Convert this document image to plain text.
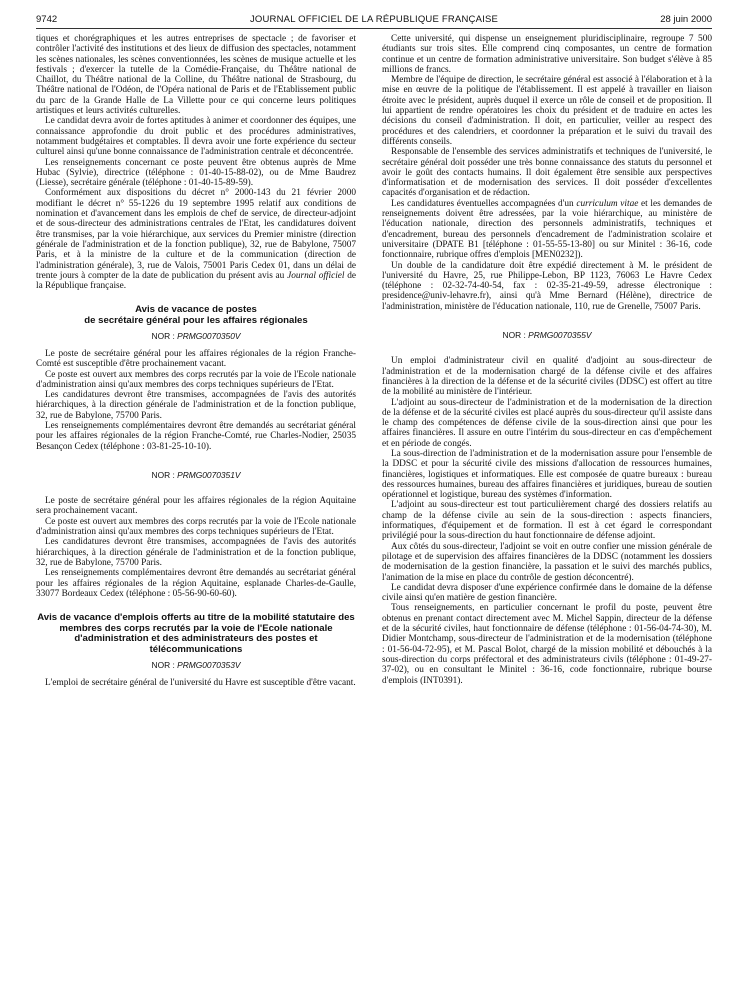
9742	JOURNAL OFFICIEL DE LA RÉPUBLIQUE FRANÇAISE	28 juin 2000

tiques et chorégraphiques et les autres entreprises de spectacle ; de favoriser et contrôler l'activité des institutions et des lieux de diffusion des spectacles, notamment les scènes nationales, les scènes conventionnées, les scènes de musique actuelle et les festivals ; d'exercer la tutelle de la Comédie-Française, du Théâtre national de Chaillot, du Théâtre national de la Colline, du Théâtre national de Strasbourg, du Théâtre national de l'Odéon, de l'Opéra national de Paris et de l'Etablissement public du parc de la Grande Halle de La Villette pour ce qui concerne leurs politiques artistiques et leurs activités culturelles.

Le candidat devra avoir de fortes aptitudes à animer et coordonner des équipes, une connaissance approfondie du droit public et des procédures administratives, notamment budgétaires et comptables. Il devra avoir une forte expérience du secteur culturel ainsi qu'une bonne connaissance de l'administration centrale et déconcentrée.

Les renseignements concernant ce poste peuvent être obtenus auprès de Mme Hubac (Sylvie), directrice (téléphone : 01-40-15-88-02), ou de Mme Baudrez (Liesse), secrétaire générale (téléphone : 01-40-15-89-59).

Conformément aux dispositions du décret n° 2000-143 du 21 février 2000 modifiant le décret n° 55-1226 du 19 septembre 1995 relatif aux conditions de nomination et d'avancement dans les emplois de chef de service, de directeur-adjoint et de sous-directeur des administrations centrales de l'Etat, les candidatures doivent être transmises, par la voie hiérarchique, aux services du Premier ministre (direction générale de l'administration et de la fonction publique), 32, rue de Babylone, 75007 Paris, et à la ministre de la culture et de la communication (direction de l'administration générale), 3, rue de Valois, 75001 Paris Cedex 01, dans un délai de trente jours à compter de la date de publication du présent avis au Journal officiel de la République française.

Avis de vacance de postes
de secrétaire général pour les affaires régionales
NOR : PRMG0070350V

Le poste de secrétaire général pour les affaires régionales de la région Franche-Comté est susceptible d'être prochainement vacant.

Ce poste est ouvert aux membres des corps recrutés par la voie de l'Ecole nationale d'administration ainsi qu'aux membres des corps techniques supérieurs de l'Etat.

Les candidatures devront être transmises, accompagnées de l'avis des autorités hiérarchiques, à la direction générale de l'administration et de la fonction publique, 32, rue de Babylone, 75700 Paris.

Les renseignements complémentaires devront être demandés au secrétariat général pour les affaires régionales de la région Franche-Comté, rue Charles-Nodier, 25035 Besançon Cedex (téléphone : 03-81-25-10-10).

NOR : PRMG0070351V

Le poste de secrétaire général pour les affaires régionales de la région Aquitaine sera prochainement vacant.

Ce poste est ouvert aux membres des corps recrutés par la voie de l'Ecole nationale d'administration ainsi qu'aux membres des corps techniques supérieurs de l'Etat.

Les candidatures devront être transmises, accompagnées de l'avis des autorités hiérarchiques, à la direction générale de l'administration et de la fonction publique, 32, rue de Babylone, 75700 Paris.

Les renseignements complémentaires devront être demandés au secrétariat général pour les affaires régionales de la région Aquitaine, esplanade Charles-de-Gaulle, 33077 Bordeaux Cedex (téléphone : 05-56-90-60-60).

Avis de vacance d'emplois offerts au titre de la mobilité statutaire des membres des corps recrutés par la voie de l'Ecole nationale d'administration et des administrateurs des postes et télécommunications
NOR : PRMG0070353V

L'emploi de secrétaire général de l'université du Havre est susceptible d'être vacant.

Cette université, qui dispense un enseignement pluridisciplinaire, regroupe 7 500 étudiants sur trois sites. Elle comprend cinq composantes, un centre de formation continue et un centre de formation administrative universitaire. Son budget s'élève à 85 millions de francs.

Membre de l'équipe de direction, le secrétaire général est associé à l'élaboration et à la mise en œuvre de la politique de l'établissement. Il est appelé à travailler en liaison étroite avec le président, auprès duquel il exerce un rôle de conseil et de proposition. Il lui appartient de rendre opératoires les choix du président et de traduire en actes les décisions du conseil d'administration. Il doit, en particulier, veiller au respect des procédures et des calendriers, et coordonner la préparation et le suivi du travail des différents conseils.

Responsable de l'ensemble des services administratifs et techniques de l'université, le secrétaire général doit posséder une très bonne connaissance des statuts du personnel et avoir le goût des contacts humains. Il doit également être sensible aux perspectives d'informatisation et de modernisation des services. Il doit posséder d'excellentes capacités d'organisation et de rédaction.

Les candidatures éventuelles accompagnées d'un curriculum vitae et les demandes de renseignements doivent être adressées, par la voie hiérarchique, au ministère de l'éducation nationale, direction des personnels administratifs, techniques et d'encadrement, bureau des personnels d'encadrement de l'administration scolaire et universitaire (DPATE B1 [téléphone : 01-55-55-13-80] ou sur Minitel : 36-16, code fonctionnaire, rubrique offres d'emplois [MEN0232]).

Un double de la candidature doit être expédié directement à M. le président de l'université du Havre, 25, rue Philippe-Lebon, BP 1123, 76063 Le Havre Cedex (téléphone : 02-32-74-40-54, fax : 02-35-21-49-59, adresse électronique : presidence@univ-lehavre.fr), ainsi qu'à Mme Bernard (Hélène), directrice de l'administration, ministère de l'éducation nationale, 110, rue de Grenelle, 75007 Paris.

NOR : PRMG0070355V

Un emploi d'administrateur civil en qualité d'adjoint au sous-directeur de l'administration et de la modernisation chargé de la défense civile et des affaires financières à la direction de la défense et de la sécurité civiles (DDSC) est offert au titre de la mobilité au ministère de l'intérieur.

L'adjoint au sous-directeur de l'administration et de la modernisation de la direction de la défense et de la sécurité civiles est placé auprès du sous-directeur qu'il assiste dans le champ des compétences de défense civile de la sous-direction ainsi que pour les affaires financières. Il assure en outre l'intérim du sous-directeur en cas d'empêchement et en période de congés.

La sous-direction de l'administration et de la modernisation assure pour l'ensemble de la DDSC et pour la sécurité civile des missions d'allocation de ressources humaines, financières, logistiques et informatiques. Elle est composée de quatre bureaux : bureau des ressources humaines, bureau des affaires financières et juridiques, bureau de soutien opérationnel et logistique, bureau des systèmes d'information.

L'adjoint au sous-directeur est tout particulièrement chargé des dossiers relatifs au champ de la défense civile au sein de la sous-direction : aspects financiers, informatiques, d'équipement et de formation. Il est à cet égard le correspondant privilégié pour la sous-direction du haut fonctionnaire de défense adjoint.

Aux côtés du sous-directeur, l'adjoint se voit en outre confier une mission générale de pilotage et de supervision des affaires financières de la DDSC (notamment les dossiers de modernisation de la gestion financière, la passation et le suivi des marchés publics, l'animation de la mise en place du contrôle de gestion déconcentré).

Le candidat devra disposer d'une expérience confirmée dans le domaine de la défense civile ainsi qu'en matière de gestion financière.

Tous renseignements, en particulier concernant le profil du poste, peuvent être obtenus en prenant contact directement avec M. Michel Sappin, directeur de la défense et de la sécurité civiles, haut fonctionnaire de défense (téléphone : 01-56-04-74-30), M. Didier Montchamp, sous-directeur de l'administration et de la modernisation (téléphone : 01-56-04-72-95), et M. Pascal Bolot, chargé de la mission mobilité et débouchés à la sous-direction du corps préfectoral et des administrateurs civils (téléphone : 01-49-27-37-02), ou en consultant le Minitel : 36-16, code fonctionnaire, rubrique bourse d'emplois (INT0391).
